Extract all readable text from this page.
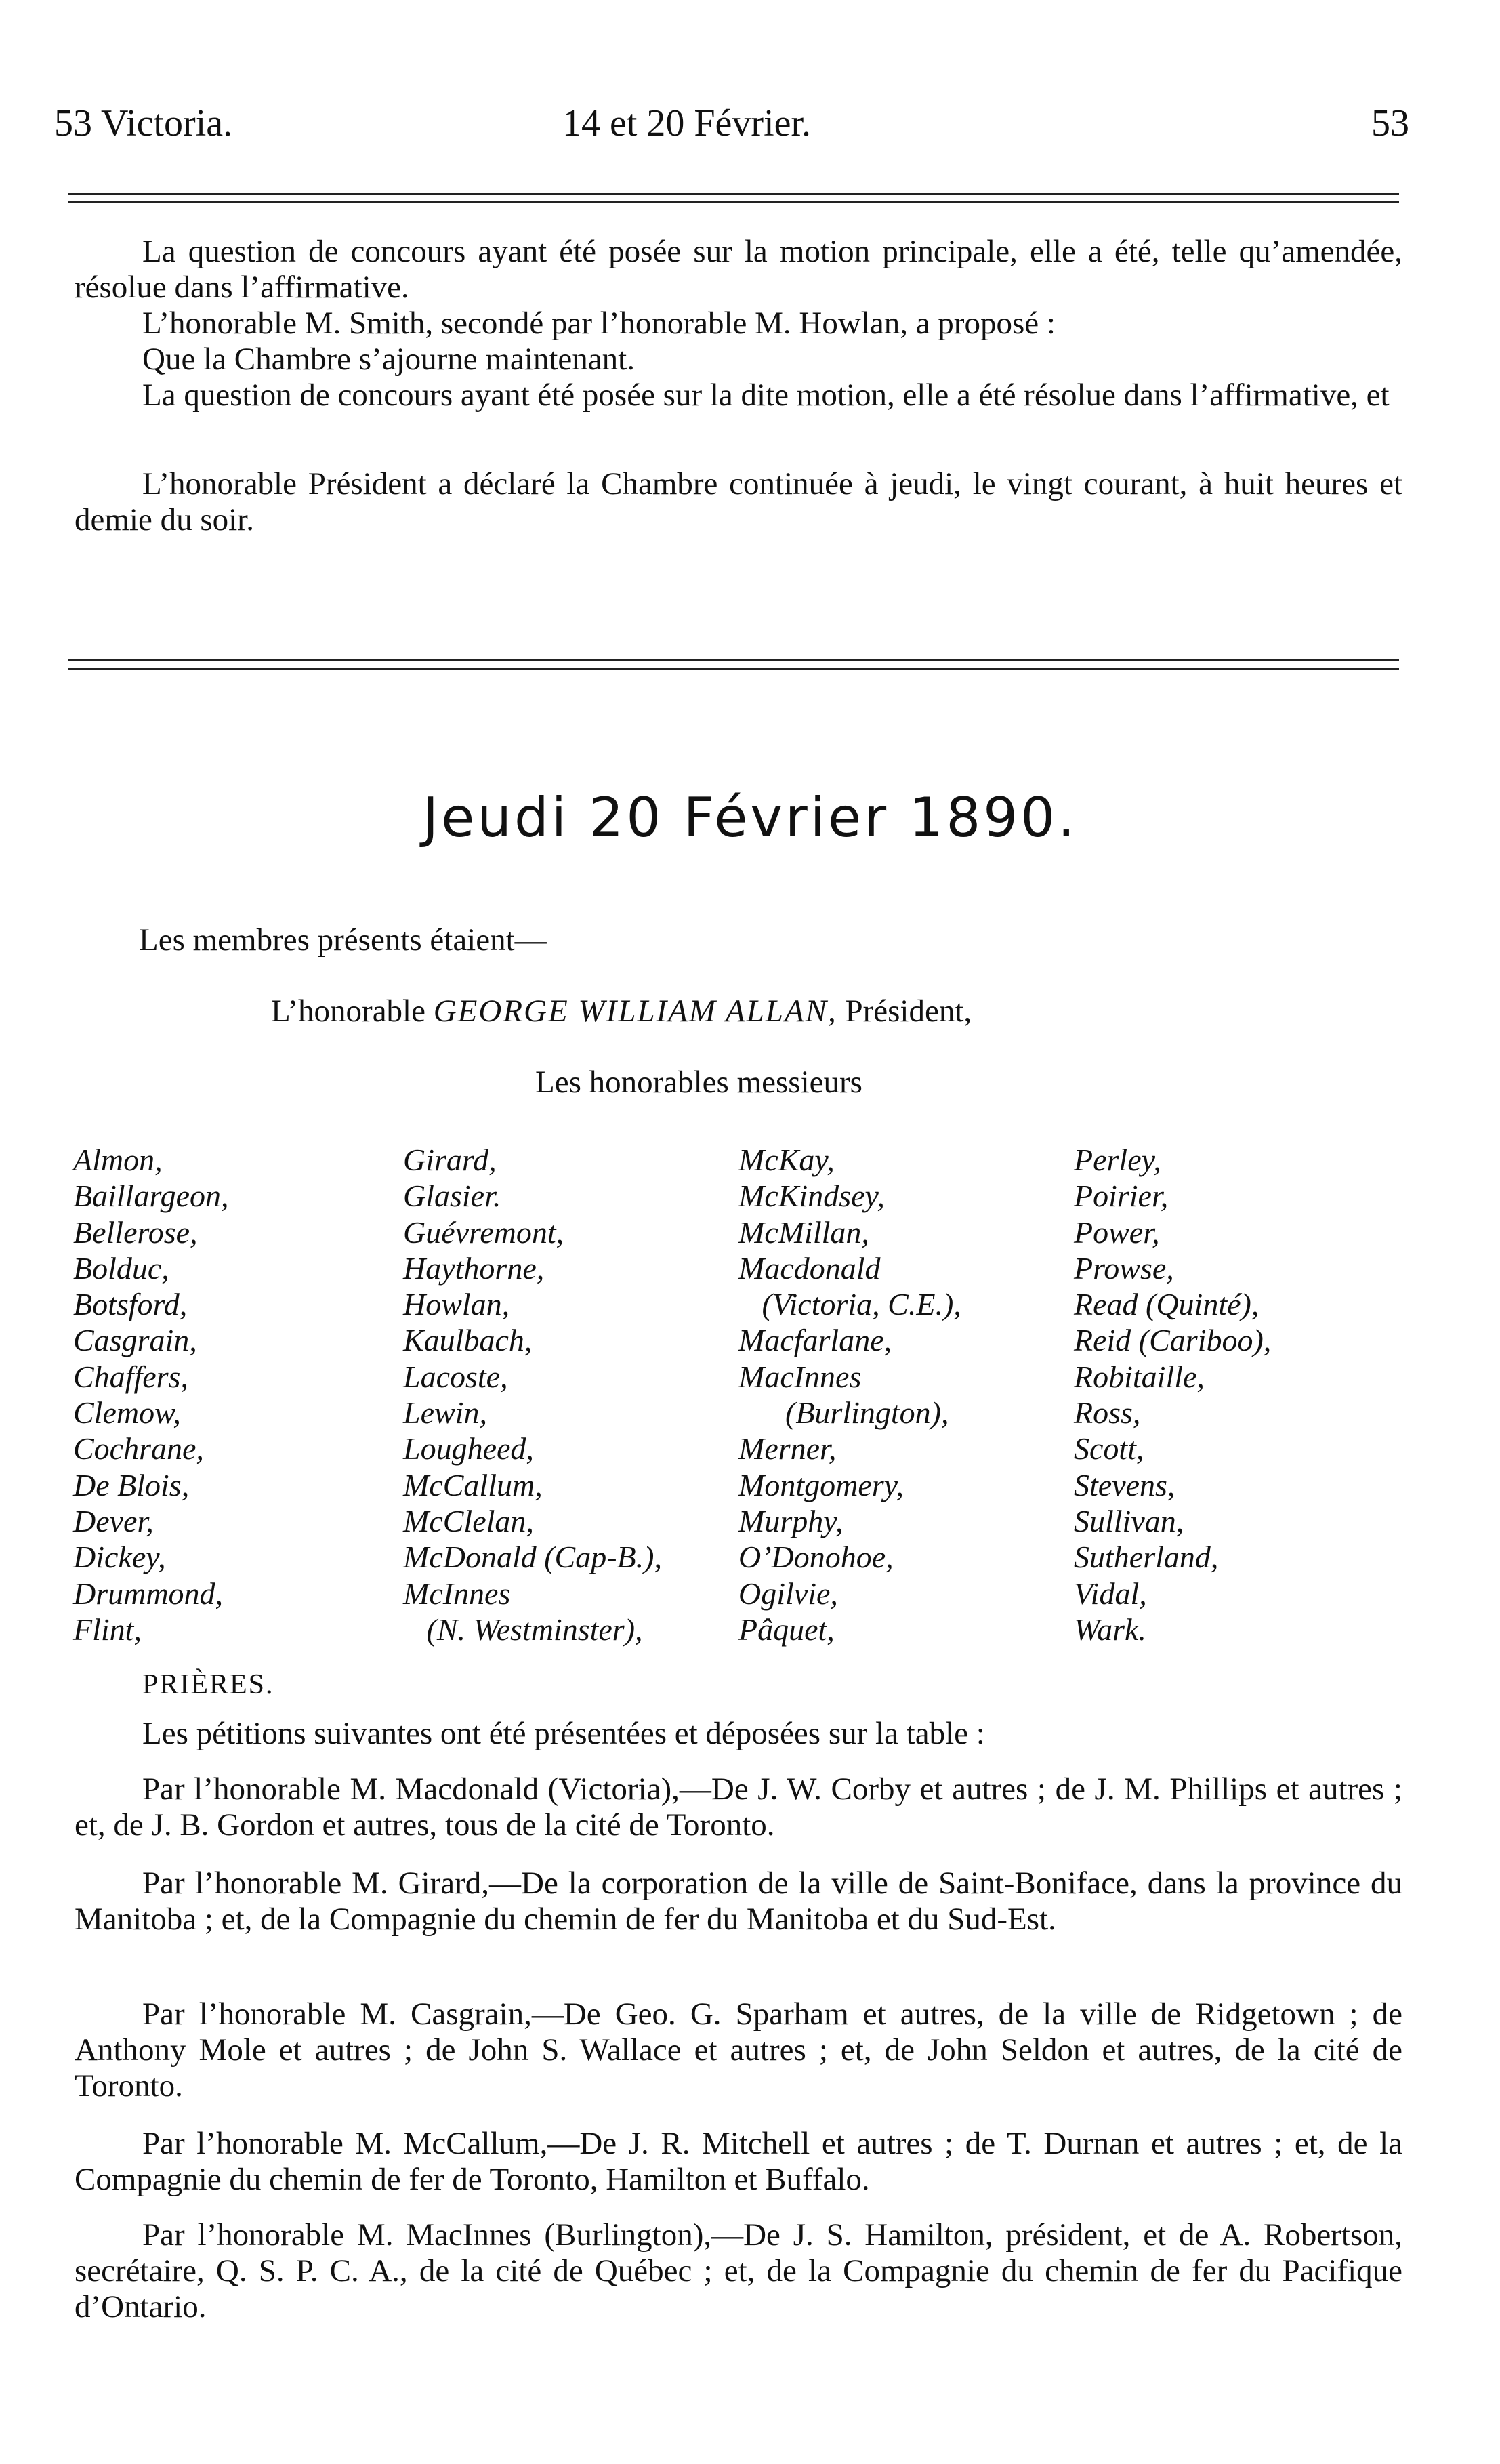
53 Victoria.	14 et 20 Février.	53
La question de concours ayant été posée sur la motion principale, elle a été, telle qu’amendée, résolue dans l’affirmative.
L’honorable M. Smith, secondé par l’honorable M. Howlan, a proposé :
Que la Chambre s’ajourne maintenant.
La question de concours ayant été posée sur la dite motion, elle a été résolue dans l’affirmative, et
L’honorable Président a déclaré la Chambre continuée à jeudi, le vingt courant, à huit heures et demie du soir.
Jeudi 20 Février 1890.
Les membres présents étaient—
L’honorable GEORGE WILLIAM ALLAN, Président,
Les honorables messieurs
Almon,
Baillargeon,
Bellerose,
Bolduc,
Botsford,
Casgrain,
Chaffers,
Clemow,
Cochrane,
De Blois,
Dever,
Dickey,
Drummond,
Flint,
Girard,
Glasier.
Guévremont,
Haythorne,
Howlan,
Kaulbach,
Lacoste,
Lewin,
Lougheed,
McCallum,
McClelan,
McDonald (Cap-B.),
McInnes
(N. Westminster),
McKay,
McKindsey,
McMillan,
Macdonald
(Victoria, C.E.),
Macfarlane,
MacInnes
(Burlington),
Merner,
Montgomery,
Murphy,
O’Donohoe,
Ogilvie,
Pâquet,
Perley,
Poirier,
Power,
Prowse,
Read (Quinté),
Reid (Cariboo),
Robitaille,
Ross,
Scott,
Stevens,
Sullivan,
Sutherland,
Vidal,
Wark.
PRIÈRES.
Les pétitions suivantes ont été présentées et déposées sur la table :
Par l’honorable M. Macdonald (Victoria),—De J. W. Corby et autres ; de J. M. Phillips et autres ; et, de J. B. Gordon et autres, tous de la cité de Toronto.
Par l’honorable M. Girard,—De la corporation de la ville de Saint-Boniface, dans la province du Manitoba ; et, de la Compagnie du chemin de fer du Manitoba et du Sud-Est.
Par l’honorable M. Casgrain,—De Geo. G. Sparham et autres, de la ville de Ridgetown ; de Anthony Mole et autres ; de John S. Wallace et autres ; et, de John Seldon et autres, de la cité de Toronto.
Par l’honorable M. McCallum,—De J. R. Mitchell et autres ; de T. Durnan et autres ; et, de la Compagnie du chemin de fer de Toronto, Hamilton et Buffalo.
Par l’honorable M. MacInnes (Burlington),—De J. S. Hamilton, président, et de A. Robertson, secrétaire, Q. S. P. C. A., de la cité de Québec ; et, de la Compagnie du chemin de fer du Pacifique d’Ontario.
